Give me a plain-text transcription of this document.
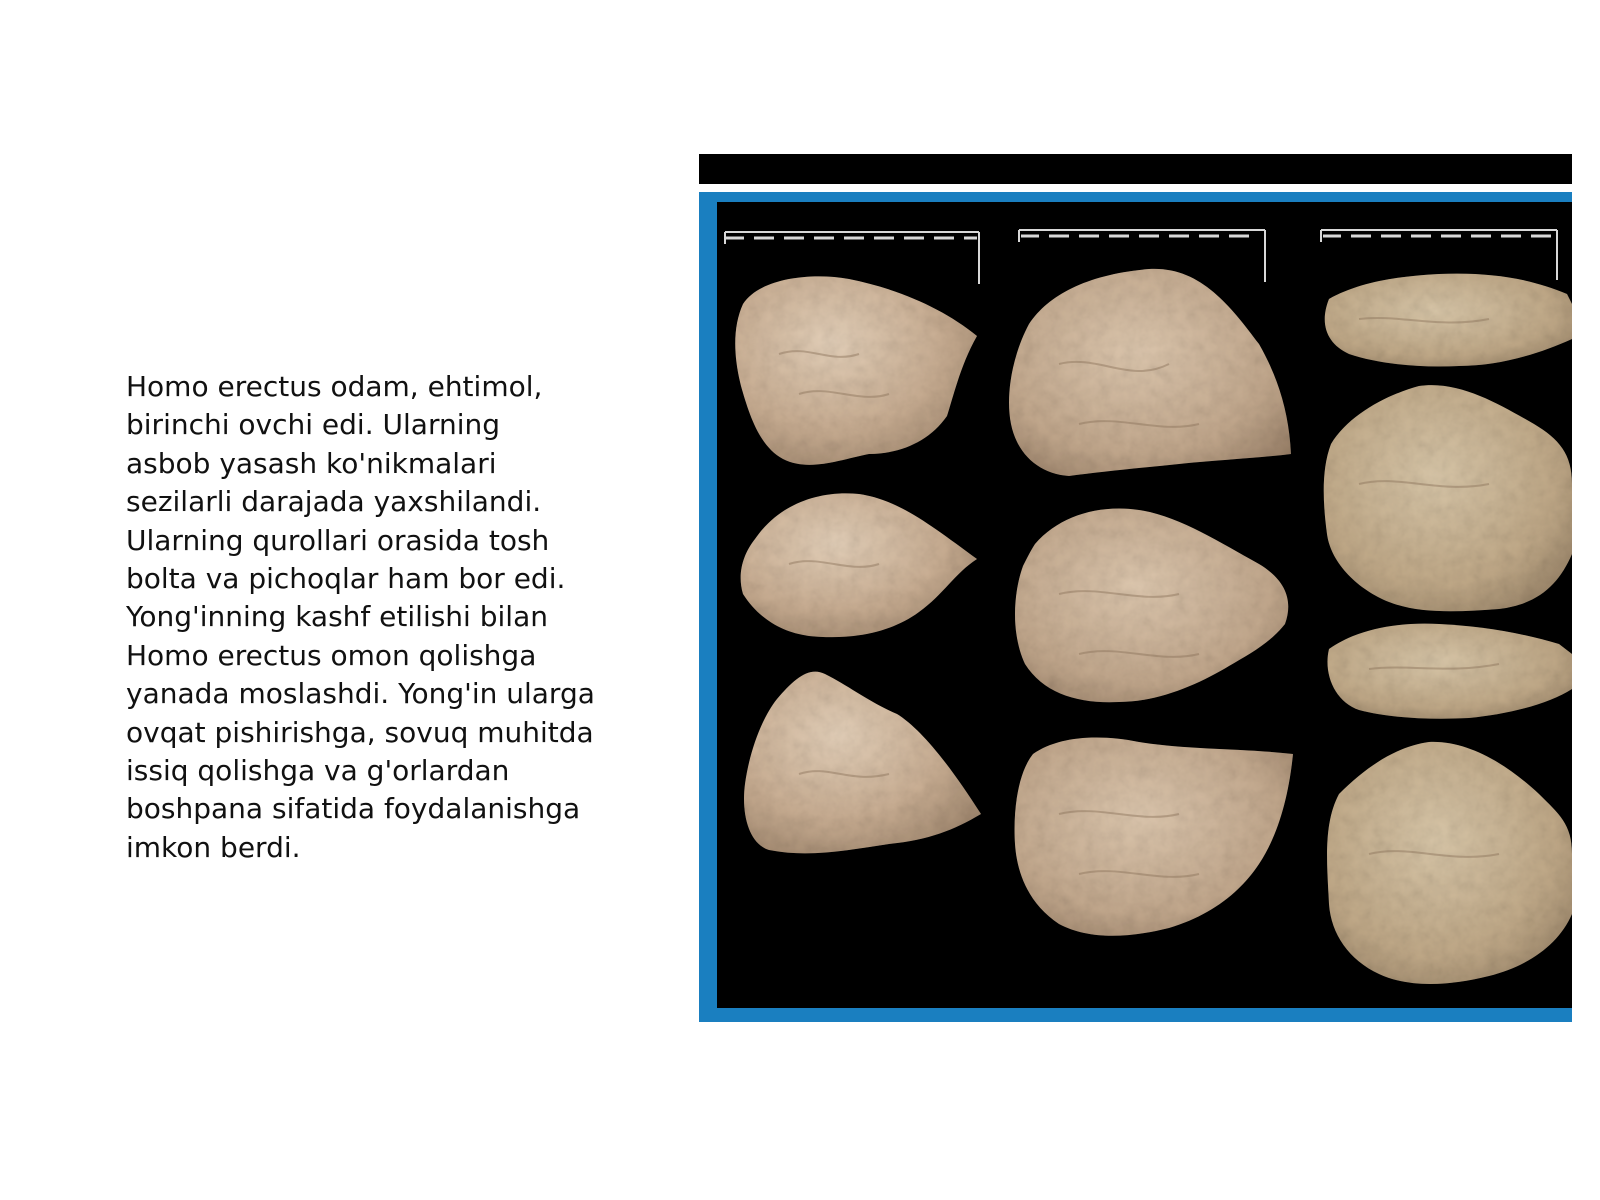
Homo erectus odam, ehtimol,
birinchi ovchi edi. Ularning
asbob yasash ko'nikmalari
sezilarli darajada yaxshilandi.
Ularning qurollari orasida tosh
bolta va pichoqlar ham bor edi.
Yong'inning kashf etilishi bilan
Homo erectus omon qolishga
yanada moslashdi. Yong'in ularga
ovqat pishirishga, sovuq muhitda
issiq qolishga va g'orlardan
boshpana sifatida foydalanishga
imkon berdi.
